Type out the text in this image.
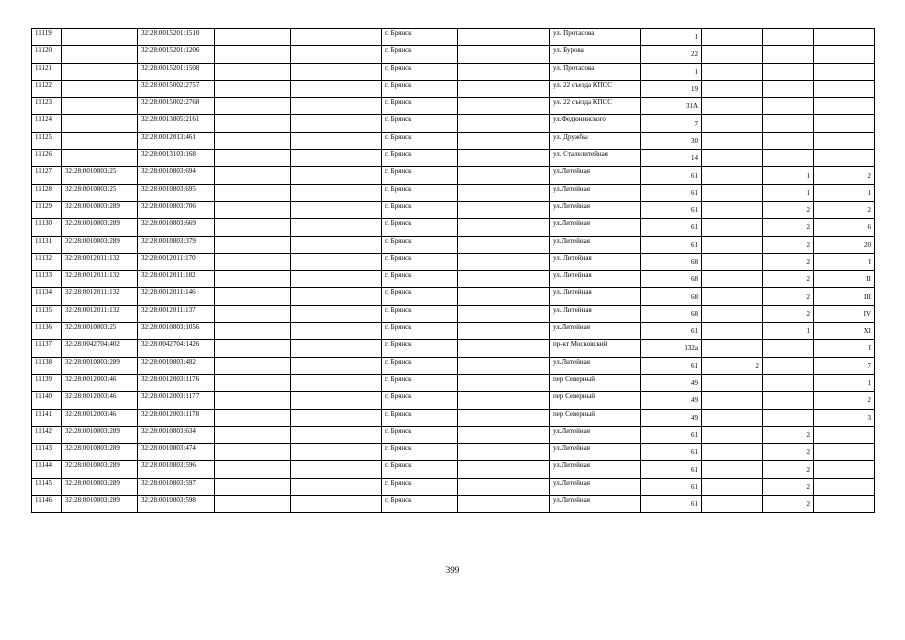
11119		32:28:0015201:1510			г. Брянск		ул. Протасова	1			
11120		32:28:0015201:1206			г. Брянск		ул. Бурова	22			
11121		32:28:0015201:1508			г. Брянск		ул. Протасова	1			
11122		32:28:0015002:2757			г. Брянск		ул. 22 съезда КПСС	19			
11123		32:28:0015002:2768			г. Брянск		ул. 22 съезда КПСС	31А			
11124		32:28:0013805:2161			г. Брянск		ул.Федюнинского	7			
11125		32:28:0012013:461			г. Брянск		ул. Дружбы	30			
11126		32:28:0013103:168			г. Брянск		ул. Сталелитейная	14			
11127	32:28:0010803:25	32:28:0010803:694			г. Брянск		ул.Литейная	61		1	2
11128	32:28:0010803:25	32:28:0010803:695			г. Брянск		ул.Литейная	61		1	1
11129	32:28:0010803:289	32:28:0010803:706			г. Брянск		ул.Литейная	61		2	2
11130	32:28:0010803:289	32:28:0010803:669			г. Брянск		ул.Литейная	61		2	6
11131	32:28:0010803:289	32:28:0010803:379			г. Брянск		ул.Литейная	61		2	20
11132	32:28:0012011:132	32:28:0012011:170			г. Брянск		ул. Литейная	68		2	I
11133	32:28:0012011:132	32:28:0012011:182			г. Брянск		ул. Литейная	68		2	II
11134	32:28:0012011:132	32:28:0012011:146			г. Брянск		ул. Литейная	68		2	III
11135	32:28:0012011:132	32:28:0012011:137			г. Брянск		ул. Литейная	68		2	IV
11136	32:28:0010803:25	32:28:0010803:1056			г. Брянск		ул.Литейная	61		1	XI
11137	32:28:0042704:402	32:28:0042704:1426			г. Брянск		пр-кт Московский	132а			I
11138	32:28:0010803:289	32:28:0010803:482			г. Брянск		ул.Литейная	61	2		7
11139	32:28:0012003:46	32:28:0012003:1176			г. Брянск		пер Северный	49			1
11140	32:28:0012003:46	32:28:0012003:1177			г. Брянск		пер Северный	49			2
11141	32:28:0012003:46	32:28:0012003:1178			г. Брянск		пер Северный	49			3
11142	32:28:0010803:289	32:28:0010803:634			г. Брянск		ул.Литейная	61		2	
11143	32:28:0010803:289	32:28:0010803:474			г. Брянск		ул.Литейная	61		2	
11144	32:28:0010803:289	32:28:0010803:596			г. Брянск		ул.Литейная	61		2	
11145	32:28:0010803:289	32:28:0010803:597			г. Брянск		ул.Литейная	61		2	
11146	32:28:0010803:289	32:28:0010803:598			г. Брянск		ул.Литейная	61		2	
399
